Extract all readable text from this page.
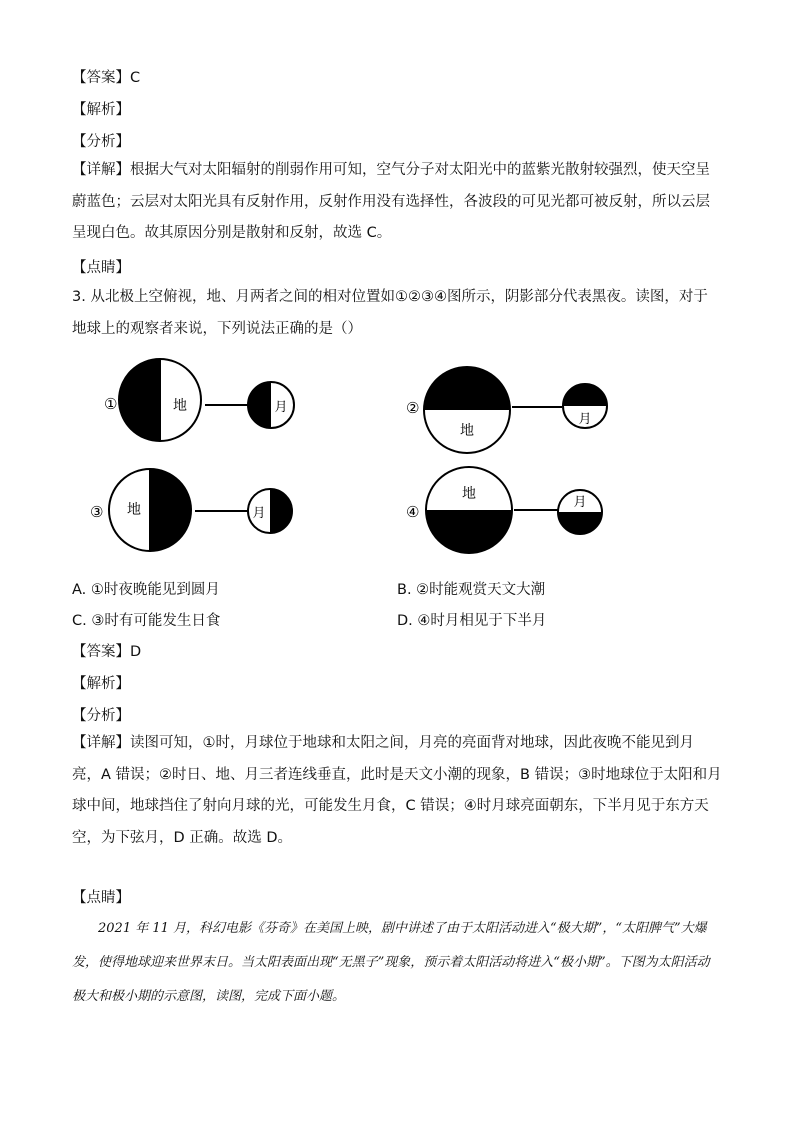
【答案】C
【解析】
【分析】
【详解】根据大气对太阳辐射的削弱作用可知，空气分子对太阳光中的蓝紫光散射较强烈，使天空呈蔚蓝色；云层对太阳光具有反射作用，反射作用没有选择性，各波段的可见光都可被反射，所以云层呈现白色。故其原因分别是散射和反射，故选 C。
【点睛】
3. 从北极上空俯视，地、月两者之间的相对位置如①②③④图所示，阴影部分代表黑夜。读图，对于地球上的观察者来说，下列说法正确的是（）
①	地	月	②
地
月
③ 地	月	④
地
月
A. ①时夜晚能见到圆月	B. ②时能观赏天文大潮
C. ③时有可能发生日食	D. ④时月相见于下半月
【答案】D
【解析】
【分析】
【详解】读图可知，①时，月球位于地球和太阳之间，月亮的亮面背对地球，因此夜晚不能见到月亮，A 错误；②时日、地、月三者连线垂直，此时是天文小潮的现象，B 错误；③时地球位于太阳和月球中间，地球挡住了射向月球的光，可能发生月食，C 错误；④时月球亮面朝东，下半月见于东方天空，为下弦月，D 正确。故选 D。
【点睛】
2021 年 11 月，科幻电影《芬奇》在美国上映，剧中讲述了由于太阳活动进入“极大期”，“太阳脾气”大爆发，使得地球迎来世界末日。当太阳表面出现“无黑子”现象，预示着太阳活动将进入“极小期”。下图为太阳活动极大和极小期的示意图，读图，完成下面小题。
